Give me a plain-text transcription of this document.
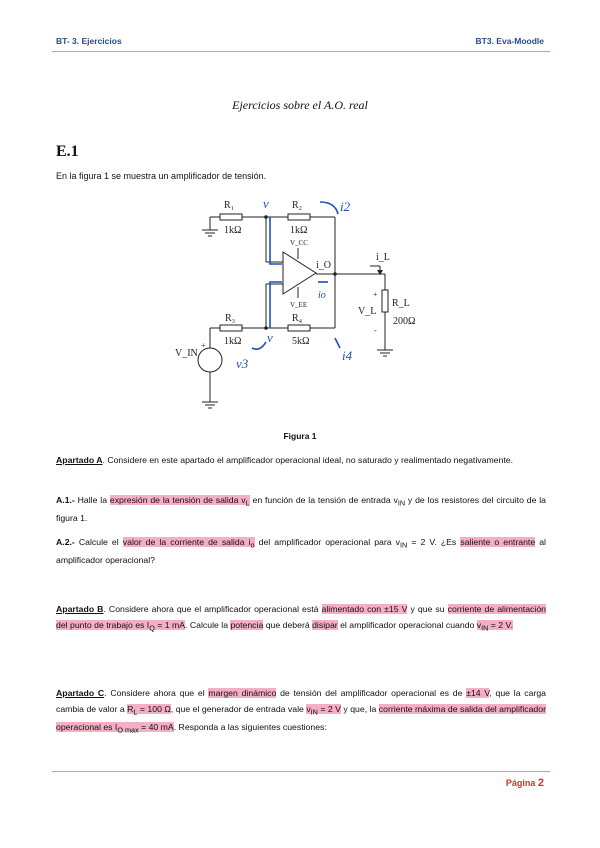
BT- 3. Ejercicios	BT3. Eva-Moodle
Ejercicios sobre el A.O. real
E.1
En la figura 1 se muestra un amplificador de tensión.
R₁
1kΩ
R₂
1kΩ
R₃
1kΩ
R₄
5kΩ
R_L
200Ω
V_CC
V_EE
i_O
i_L
V_L
V_IN
+
-
+
i2
v
v
io
i4
v3
Figura 1
Apartado A. Considere en este apartado el amplificador operacional ideal, no saturado y realimentado negativamente.
A.1.- Halle la expresión de la tensión de salida $v_L$ en función de la tensión de entrada $v_{IN}$ y de los resistores del circuito de la figura 1.
A.2.- Calcule el valor de la corriente de salida $i_o$ del amplificador operacional para $v_{IN} = 2$ V. ¿Es saliente o entrante al amplificador operacional?
Apartado B. Considere ahora que el amplificador operacional está alimentado con ±15 V y que su corriente de alimentación del punto de trabajo es $I_Q = 1$ mA. Calcule la potencia que deberá disipar el amplificador operacional cuando $v_{IN} = 2$ V.
Apartado C. Considere ahora que el margen dinámico de tensión del amplificador operacional es de ±14 V, que la carga cambia de valor a $R_L = 100$ Ω, que el generador de entrada vale $v_{IN} = 2$ V y que, la corriente máxima de salida del amplificador operacional es $I_{O max} = 40$ mA. Responda a las siguientes cuestiones:
Página 2
